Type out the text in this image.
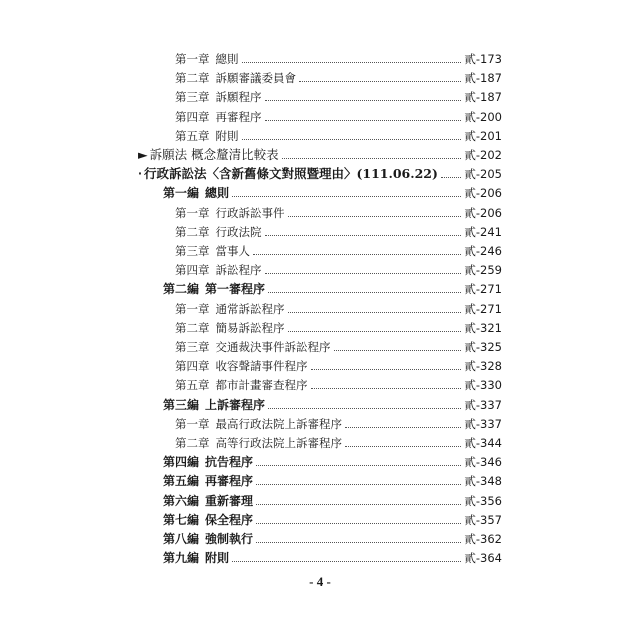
第一章 總則	貳-173
第二章 訴願審議委員會	貳-187
第三章 訴願程序	貳-187
第四章 再審程序	貳-200
第五章 附則	貳-201
► 訴願法 概念釐清比較表	貳-202
‧ 行政訴訟法〈含新舊條文對照暨理由〉(111.06.22) 貳-205
第一編 總則	貳-206
第一章 行政訴訟事件	貳-206
第二章 行政法院	貳-241
第三章 當事人	貳-246
第四章 訴訟程序	貳-259
第二編 第一審程序	貳-271
第一章 通常訴訟程序	貳-271
第二章 簡易訴訟程序	貳-321
第三章 交通裁決事件訴訟程序	貳-325
第四章 收容聲請事件程序	貳-328
第五章 都市計畫審查程序	貳-330
第三編 上訴審程序	貳-337
第一章 最高行政法院上訴審程序	貳-337
第二章 高等行政法院上訴審程序	貳-344
第四編 抗告程序	貳-346
第五編 再審程序	貳-348
第六編 重新審理	貳-356
第七編 保全程序	貳-357
第八編 強制執行	貳-362
第九編 附則	貳-364
- 4 -
